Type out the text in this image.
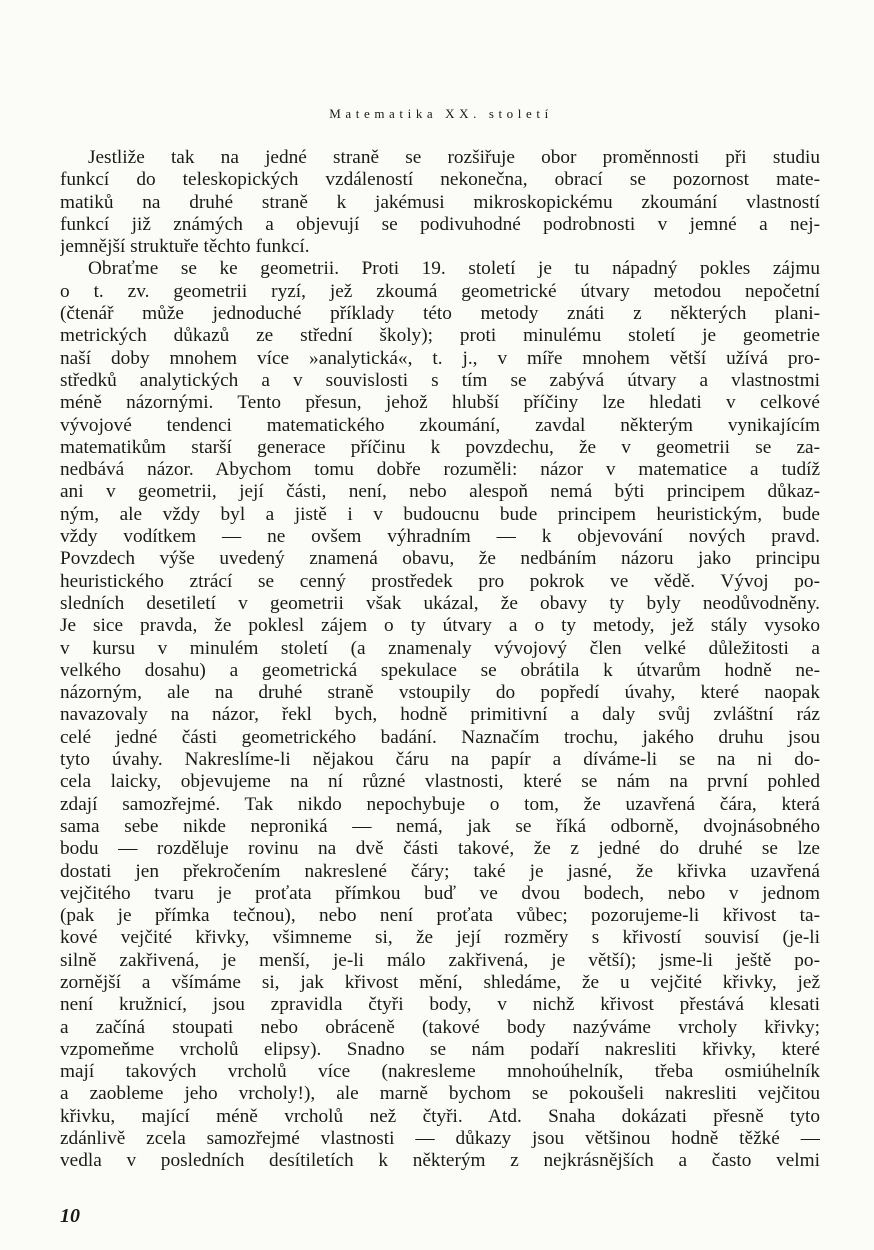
Matematika XX. století
Jestliže tak na jedné straně se rozšiřuje obor proměnnosti při studiu
funkcí do teleskopických vzdáleností nekonečna, obrací se pozornost mate-
matiků na druhé straně k jakémusi mikroskopickému zkoumání vlastností
funkcí již známých a objevují se podivuhodné podrobnosti v jemné a nej-
jemnější struktuře těchto funkcí.
Obraťme se ke geometrii. Proti 19. století je tu nápadný pokles zájmu
o t. zv. geometrii ryzí, jež zkoumá geometrické útvary metodou nepočetní
(čtenář může jednoduché příklady této metody znáti z některých plani-
metrických důkazů ze střední školy); proti minulému století je geometrie
naší doby mnohem více »analytická«, t. j., v míře mnohem větší užívá pro-
středků analytických a v souvislosti s tím se zabývá útvary a vlastnostmi
méně názornými. Tento přesun, jehož hlubší příčiny lze hledati v celkové
vývojové tendenci matematického zkoumání, zavdal některým vynikajícím
matematikům starší generace příčinu k povzdechu, že v geometrii se za-
nedbává názor. Abychom tomu dobře rozuměli: názor v matematice a tudíž
ani v geometrii, její části, není, nebo alespoň nemá býti principem důkaz-
ným, ale vždy byl a jistě i v budoucnu bude principem heuristickým, bude
vždy vodítkem — ne ovšem výhradním — k objevování nových pravd.
Povzdech výše uvedený znamená obavu, že nedbáním názoru jako principu
heuristického ztrácí se cenný prostředek pro pokrok ve vědě. Vývoj po-
sledních desetiletí v geometrii však ukázal, že obavy ty byly neodůvodněny.
Je sice pravda, že poklesl zájem o ty útvary a o ty metody, jež stály vysoko
v kursu v minulém století (a znamenaly vývojový člen velké důležitosti a
velkého dosahu) a geometrická spekulace se obrátila k útvarům hodně ne-
názorným, ale na druhé straně vstoupily do popředí úvahy, které naopak
navazovaly na názor, řekl bych, hodně primitivní a daly svůj zvláštní ráz
celé jedné části geometrického badání. Naznačím trochu, jakého druhu jsou
tyto úvahy. Nakreslíme-li nějakou čáru na papír a díváme-li se na ni do-
cela laicky, objevujeme na ní různé vlastnosti, které se nám na první pohled
zdají samozřejmé. Tak nikdo nepochybuje o tom, že uzavřená čára, která
sama sebe nikde neproniká — nemá, jak se říká odborně, dvojnásobného
bodu — rozděluje rovinu na dvě části takové, že z jedné do druhé se lze
dostati jen překročením nakreslené čáry; také je jasné, že křivka uzavřená
vejčitého tvaru je proťata přímkou buď ve dvou bodech, nebo v jednom
(pak je přímka tečnou), nebo není proťata vůbec; pozorujeme-li křivost ta-
kové vejčité křivky, všimneme si, že její rozměry s křivostí souvisí (je-li
silně zakřivená, je menší, je-li málo zakřivená, je větší); jsme-li ještě po-
zornější a všímáme si, jak křivost mění, shledáme, že u vejčité křivky, jež
není kružnicí, jsou zpravidla čtyři body, v nichž křivost přestává klesati
a začíná stoupati nebo obráceně (takové body nazýváme vrcholy křivky;
vzpomeňme vrcholů elipsy). Snadno se nám podaří nakresliti křivky, které
mají takových vrcholů více (nakresleme mnohoúhelník, třeba osmiúhelník
a zaobleme jeho vrcholy!), ale marně bychom se pokoušeli nakresliti vejčitou
křivku, mající méně vrcholů než čtyři. Atd. Snaha dokázati přesně tyto
zdánlivě zcela samozřejmé vlastnosti — důkazy jsou většinou hodně těžké —
vedla v posledních desítiletích k některým z nejkrásnějších a často velmi
10
